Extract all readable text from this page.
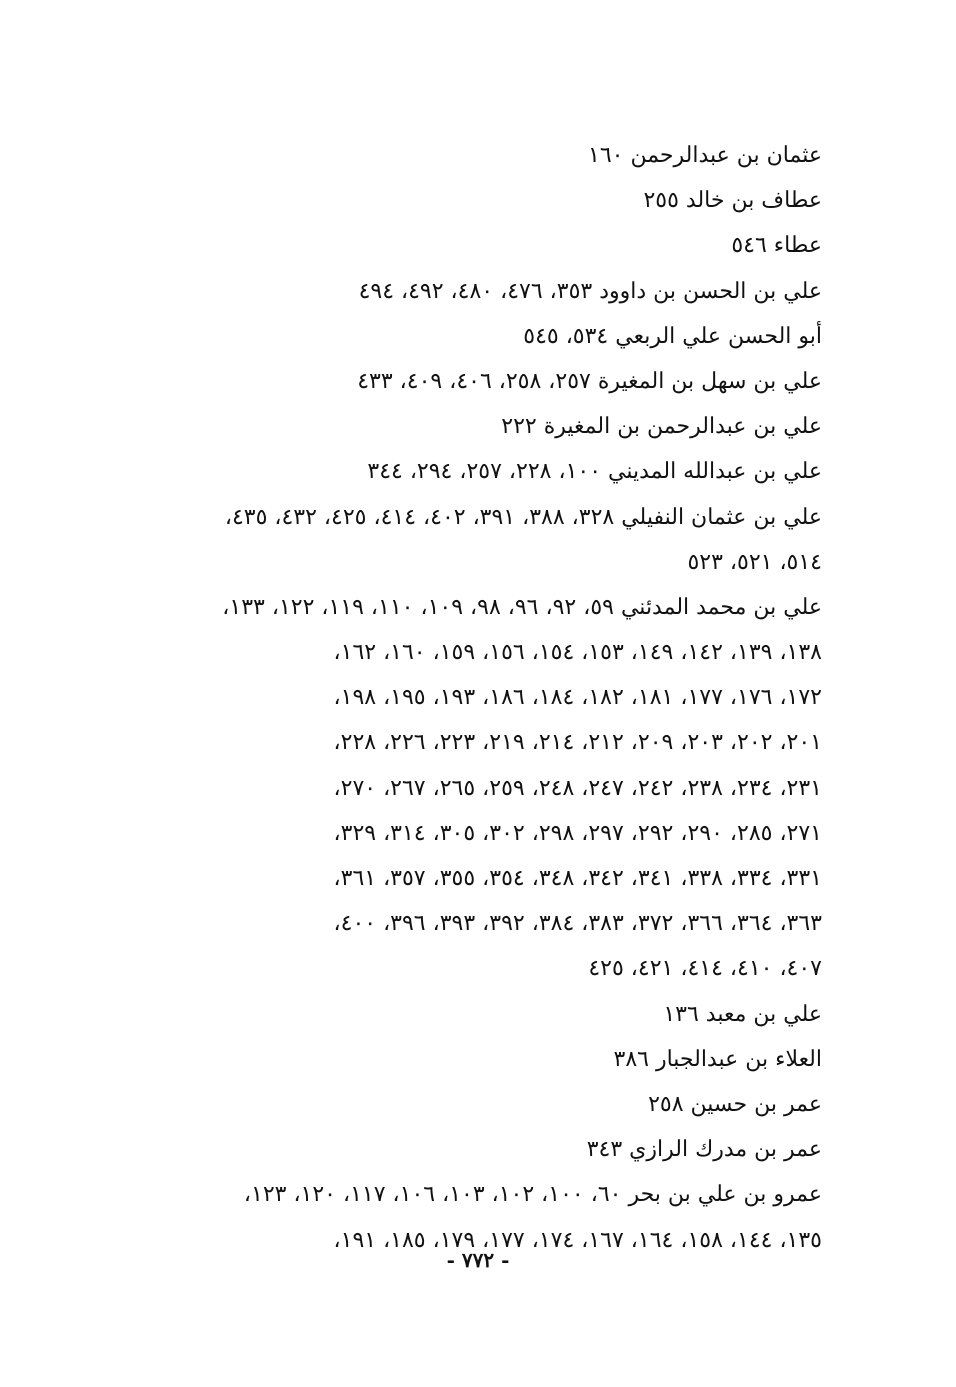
عثمان بن عبدالرحمن ١٦٠
عطاف بن خالد ٢٥٥
عطاء ٥٤٦
علي بن الحسن بن داوود ٣٥٣، ٤٧٦، ٤٨٠، ٤٩٢، ٤٩٤
أبو الحسن علي الربعي ٥٣٤، ٥٤٥
علي بن سهل بن المغيرة ٢٥٧، ٢٥٨، ٤٠٦، ٤٠٩، ٤٣٣
علي بن عبدالرحمن بن المغيرة ٢٢٢
علي بن عبدالله المديني ١٠٠، ٢٢٨، ٢٥٧، ٢٩٤، ٣٤٤
علي بن عثمان النفيلي ٣٢٨، ٣٨٨، ٣٩١، ٤٠٢، ٤١٤، ٤٢٥، ٤٣٢، ٤٣٥،
٥١٤، ٥٢١، ٥٢٣
علي بن محمد المدئني ٥٩، ٩٢، ٩٦، ٩٨، ١٠٩، ١١٠، ١١٩، ١٢٢، ١٣٣،
١٣٨، ١٣٩، ١٤٢، ١٤٩، ١٥٣، ١٥٤، ١٥٦، ١٥٩، ١٦٠، ١٦٢،
١٧٢، ١٧٦، ١٧٧، ١٨١، ١٨٢، ١٨٤، ١٨٦، ١٩٣، ١٩٥، ١٩٨،
٢٠١، ٢٠٢، ٢٠٣، ٢٠٩، ٢١٢، ٢١٤، ٢١٩، ٢٢٣، ٢٢٦، ٢٢٨،
٢٣١، ٢٣٤، ٢٣٨، ٢٤٢، ٢٤٧، ٢٤٨، ٢٥٩، ٢٦٥، ٢٦٧، ٢٧٠،
٢٧١، ٢٨٥، ٢٩٠، ٢٩٢، ٢٩٧، ٢٩٨، ٣٠٢، ٣٠٥، ٣١٤، ٣٢٩،
٣٣١، ٣٣٤، ٣٣٨، ٣٤١، ٣٤٢، ٣٤٨، ٣٥٤، ٣٥٥، ٣٥٧، ٣٦١،
٣٦٣، ٣٦٤، ٣٦٦، ٣٧٢، ٣٨٣، ٣٨٤، ٣٩٢، ٣٩٣، ٣٩٦، ٤٠٠،
٤٠٧، ٤١٠، ٤١٤، ٤٢١، ٤٢٥
علي بن معبد ١٣٦
العلاء بن عبدالجبار ٣٨٦
عمر بن حسين ٢٥٨
عمر بن مدرك الرازي ٣٤٣
عمرو بن علي بن بحر ٦٠، ١٠٠، ١٠٢، ١٠٣، ١٠٦، ١١٧، ١٢٠، ١٢٣،
١٣٥، ١٤٤، ١٥٨، ١٦٤، ١٦٧، ١٧٤، ١٧٧، ١٧٩، ١٨٥، ١٩١،
- ٧٧٢ -
